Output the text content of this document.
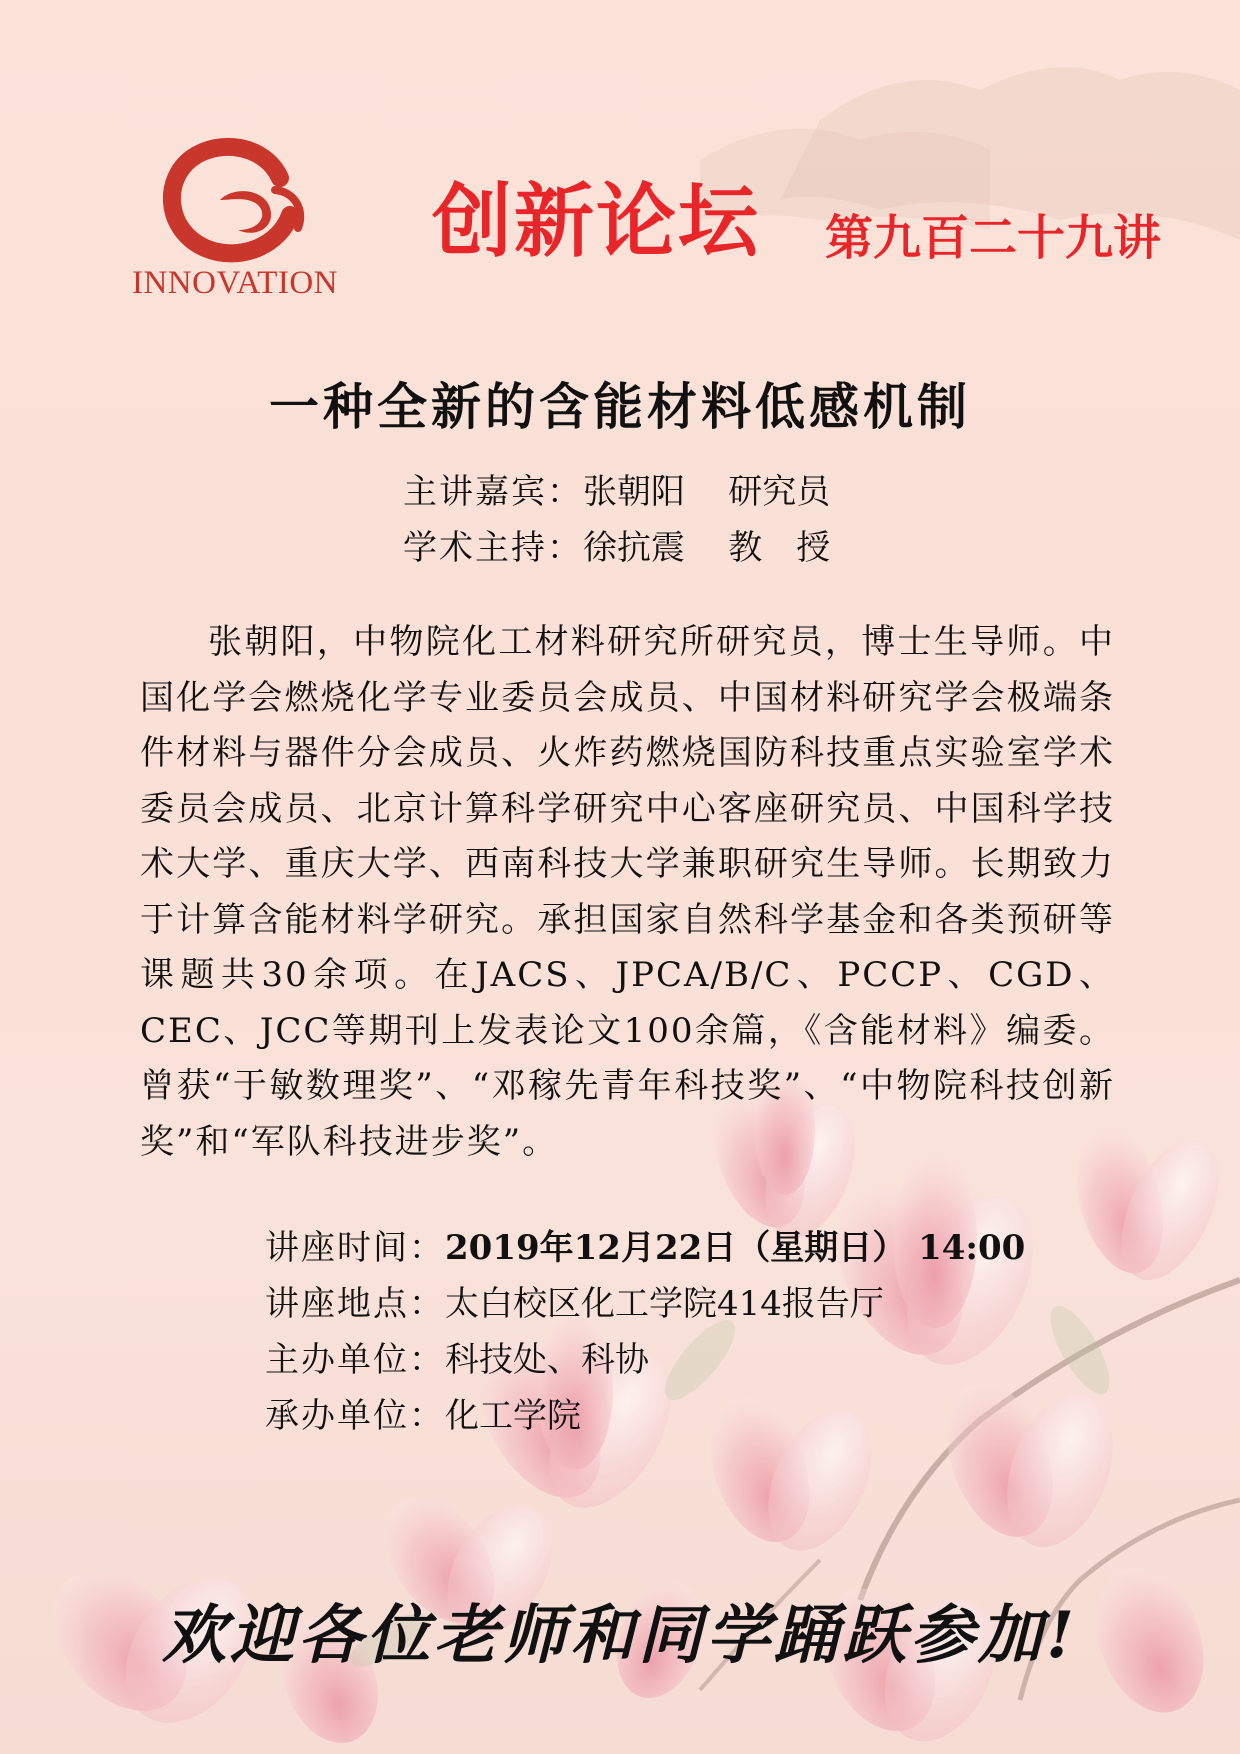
INNOVATION
创新论坛 第九百二十九讲
一种全新的含能材料低感机制
主讲嘉宾：张朝阳 研究员
学术主持：徐抗震 教　授
张朝阳，中物院化工材料研究所研究员，博士生导师。中国化学会燃烧化学专业委员会成员、中国材料研究学会极端条件材料与器件分会成员、火炸药燃烧国防科技重点实验室学术委员会成员、北京计算科学研究中心客座研究员、中国科学技术大学、重庆大学、西南科技大学兼职研究生导师。长期致力于计算含能材料学研究。承担国家自然科学基金和各类预研等课题共30余项。在JACS、JPCA/B/C、PCCP、CGD、CEC、JCC等期刊上发表论文100余篇，《含能材料》编委。曾获“于敏数理奖”、“邓稼先青年科技奖”、“中物院科技创新奖”和“军队科技进步奖”。
讲座时间：2019年12月22日（星期日） 14:00
讲座地点：太白校区化工学院414报告厅
主办单位：科技处、科协
承办单位：化工学院
欢迎各位老师和同学踊跃参加!
